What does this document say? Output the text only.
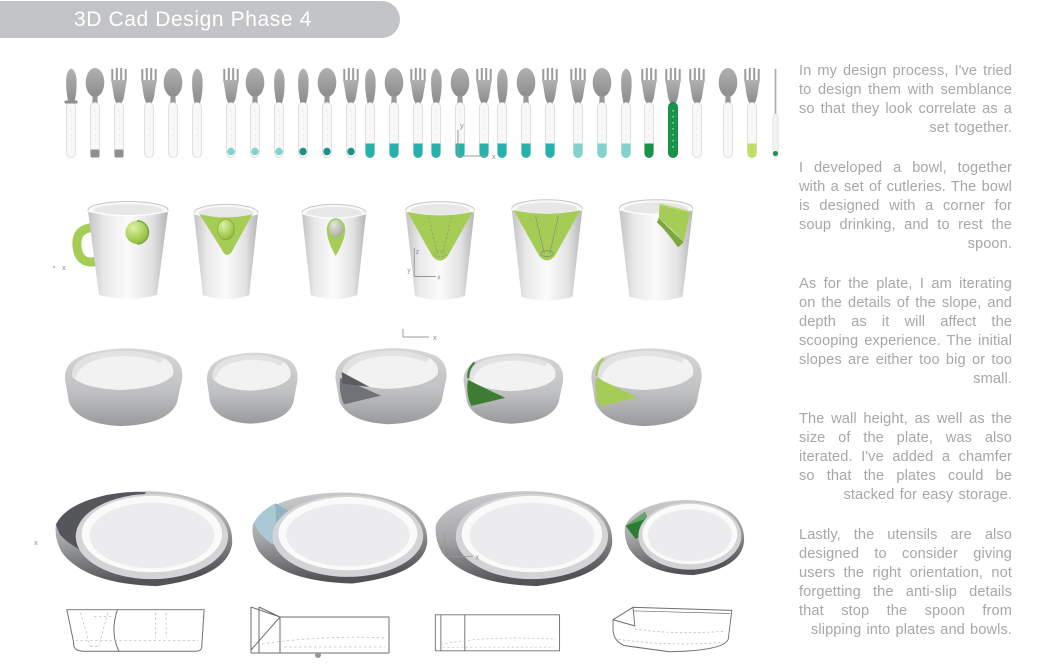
3D Cad Design Phase 4
z
y
x
x
y
x
x
x
x

In my design process, I've tried to design them with semblance so that they look correlate as a set together.

I developed a bowl, together with a set of cutleries. The bowl is designed with a corner for soup drinking, and to rest the spoon.

As for the plate, I am iterating on the details of the slope, and depth as it will affect the scooping experience. The initial slopes are either too big or too small.

The wall height, as well as the size of the plate, was also iterated. I've added a chamfer so that the plates could be stacked for easy storage.

Lastly, the utensils are also designed to consider giving users the right orientation, not forgetting the anti-slip details that stop the spoon from slipping into plates and bowls.
